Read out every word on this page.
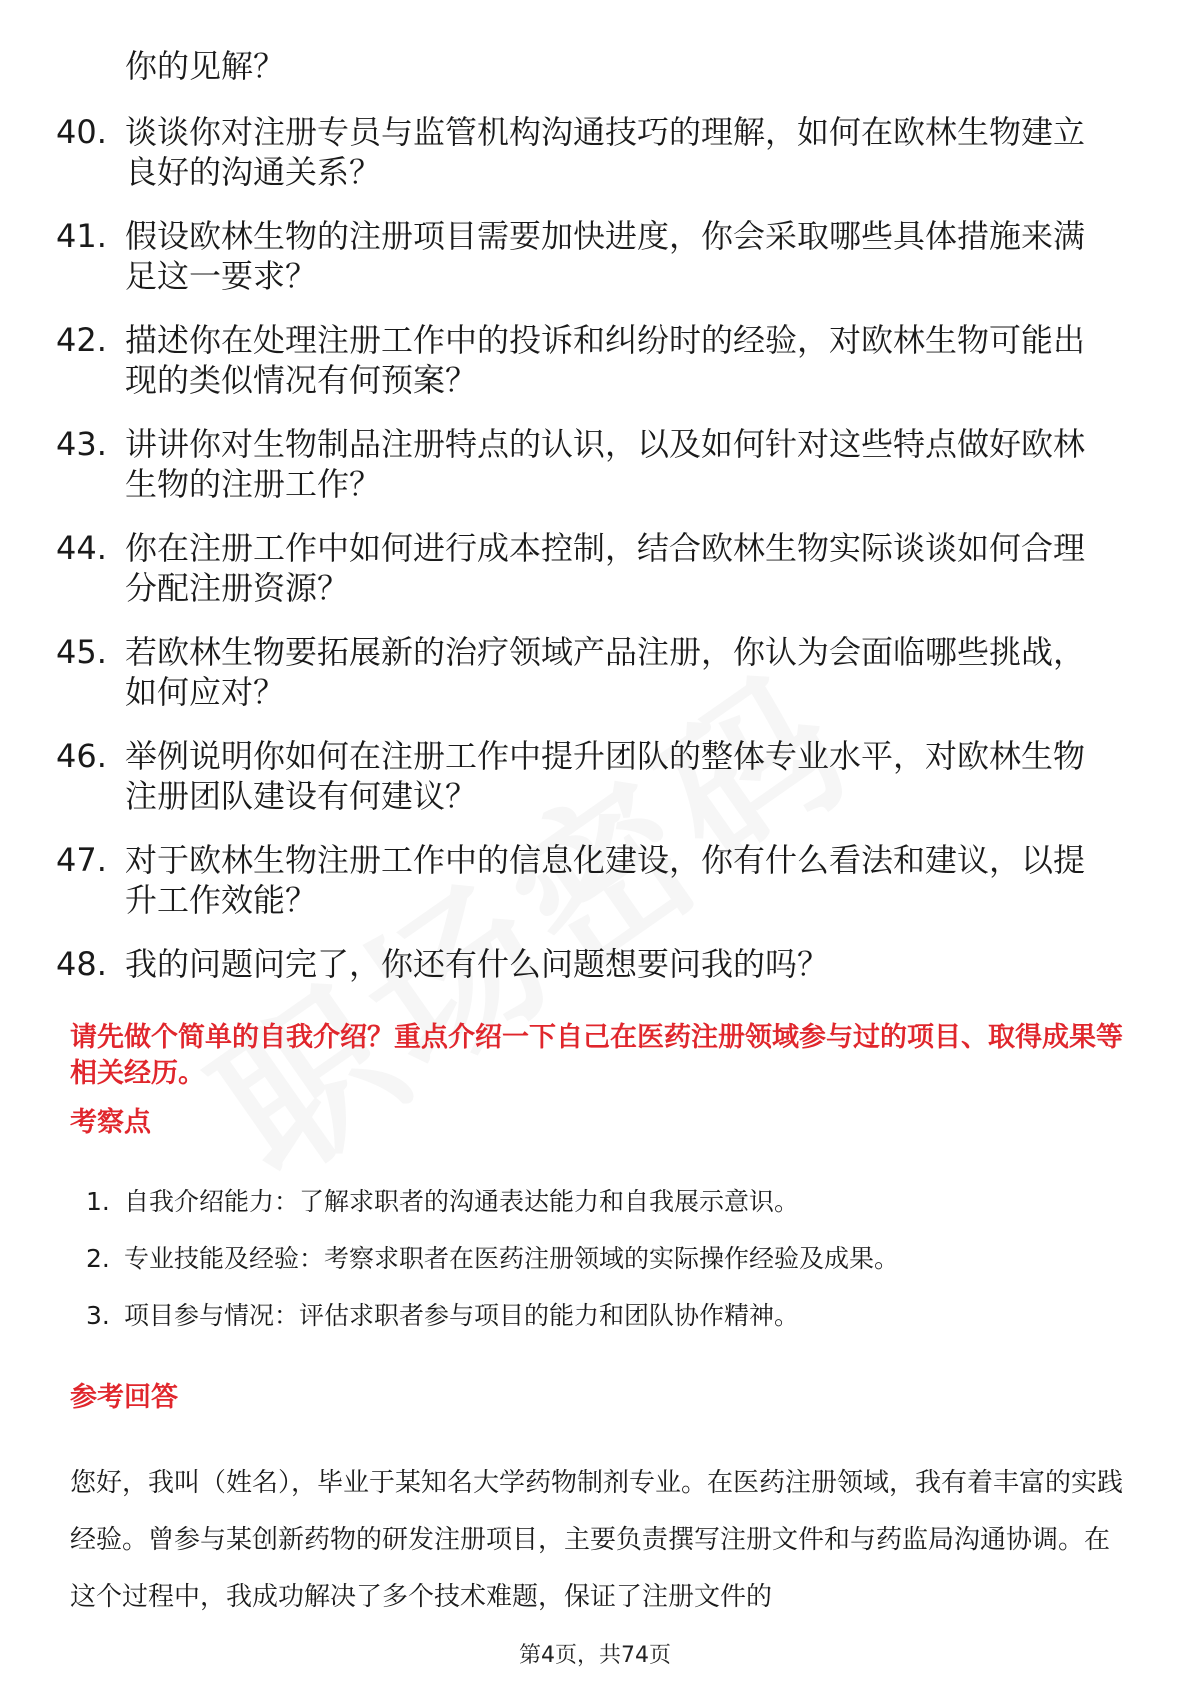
你的见解？
40. 谈谈你对注册专员与监管机构沟通技巧的理解，如何在欧林生物建立良好的沟通关系？
41. 假设欧林生物的注册项目需要加快进度，你会采取哪些具体措施来满足这一要求？
42. 描述你在处理注册工作中的投诉和纠纷时的经验，对欧林生物可能出现的类似情况有何预案？
43. 讲讲你对生物制品注册特点的认识，以及如何针对这些特点做好欧林生物的注册工作？
44. 你在注册工作中如何进行成本控制，结合欧林生物实际谈谈如何合理分配注册资源？
45. 若欧林生物要拓展新的治疗领域产品注册，你认为会面临哪些挑战，如何应对？
46. 举例说明你如何在注册工作中提升团队的整体专业水平，对欧林生物注册团队建设有何建议？
47. 对于欧林生物注册工作中的信息化建设，你有什么看法和建议，以提升工作效能？
48. 我的问题问完了，你还有什么问题想要问我的吗？
请先做个简单的自我介绍？重点介绍一下自己在医药注册领域参与过的项目、取得成果等相关经历。
考察点
1. 自我介绍能力：了解求职者的沟通表达能力和自我展示意识。
2. 专业技能及经验：考察求职者在医药注册领域的实际操作经验及成果。
3. 项目参与情况：评估求职者参与项目的能力和团队协作精神。
参考回答
您好，我叫（姓名），毕业于某知名大学药物制剂专业。在医药注册领域，我有着丰富的实践经验。曾参与某创新药物的研发注册项目，主要负责撰写注册文件和与药监局沟通协调。在这个过程中，我成功解决了多个技术难题，保证了注册文件的
第4页，共74页
